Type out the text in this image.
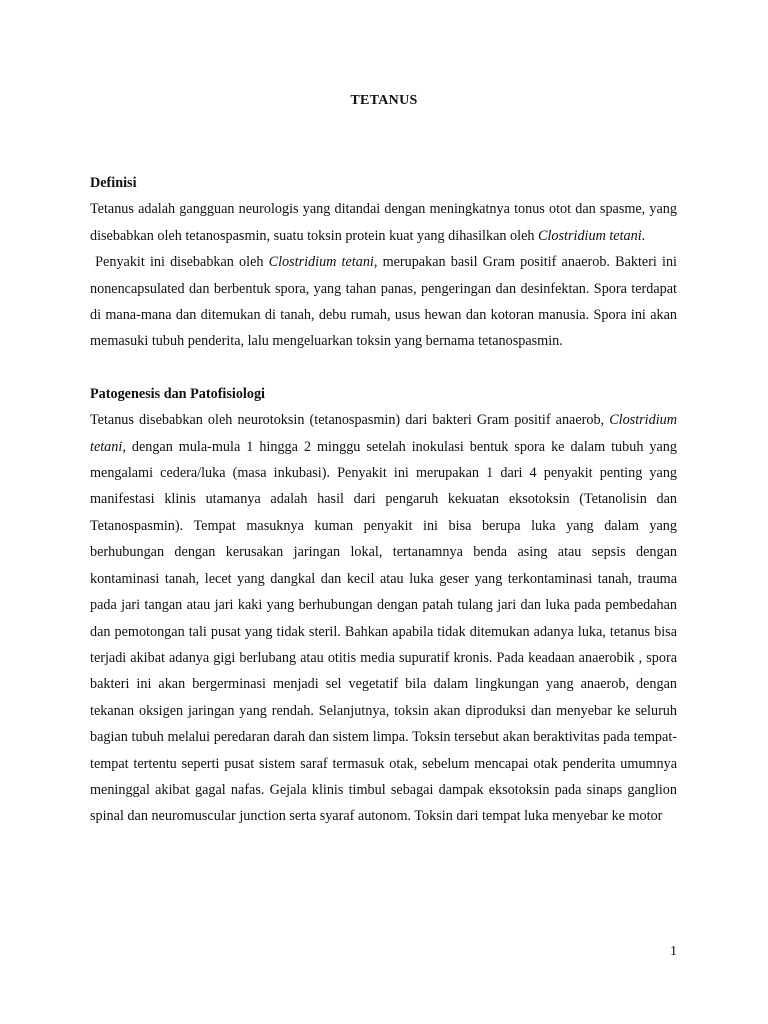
TETANUS

Definisi

Tetanus adalah gangguan neurologis yang ditandai dengan meningkatnya tonus otot dan spasme, yang disebabkan oleh tetanospasmin, suatu toksin protein kuat yang dihasilkan oleh Clostridium tetani.

Penyakit ini disebabkan oleh Clostridium tetani, merupakan basil Gram positif anaerob. Bakteri ini nonencapsulated dan berbentuk spora, yang tahan panas, pengeringan dan desinfektan. Spora terdapat di mana-mana dan ditemukan di tanah, debu rumah, usus hewan dan kotoran manusia. Spora ini akan memasuki tubuh penderita, lalu mengeluarkan toksin yang bernama tetanospasmin.

Patogenesis dan Patofisiologi

Tetanus disebabkan oleh neurotoksin (tetanospasmin) dari bakteri Gram positif anaerob, Clostridium tetani, dengan mula-mula 1 hingga 2 minggu setelah inokulasi bentuk spora ke dalam tubuh yang mengalami cedera/luka (masa inkubasi). Penyakit ini merupakan 1 dari 4 penyakit penting yang manifestasi klinis utamanya adalah hasil dari pengaruh kekuatan eksotoksin (Tetanolisin dan Tetanospasmin). Tempat masuknya kuman penyakit ini bisa berupa luka yang dalam yang berhubungan dengan kerusakan jaringan lokal, tertanamnya benda asing atau sepsis dengan kontaminasi tanah, lecet yang dangkal dan kecil atau luka geser yang terkontaminasi tanah, trauma pada jari tangan atau jari kaki yang berhubungan dengan patah tulang jari dan luka pada pembedahan dan pemotongan tali pusat yang tidak steril. Bahkan apabila tidak ditemukan adanya luka, tetanus bisa terjadi akibat adanya gigi berlubang atau otitis media supuratif kronis. Pada keadaan anaerobik , spora bakteri ini akan bergerminasi menjadi sel vegetatif bila dalam lingkungan yang anaerob, dengan tekanan oksigen jaringan yang rendah. Selanjutnya, toksin akan diproduksi dan menyebar ke seluruh bagian tubuh melalui peredaran darah dan sistem limpa. Toksin tersebut akan beraktivitas pada tempat-tempat tertentu seperti pusat sistem saraf termasuk otak, sebelum mencapai otak penderita umumnya meninggal akibat gagal nafas. Gejala klinis timbul sebagai dampak eksotoksin pada sinaps ganglion spinal dan neuromuscular junction serta syaraf autonom. Toksin dari tempat luka menyebar ke motor

1
